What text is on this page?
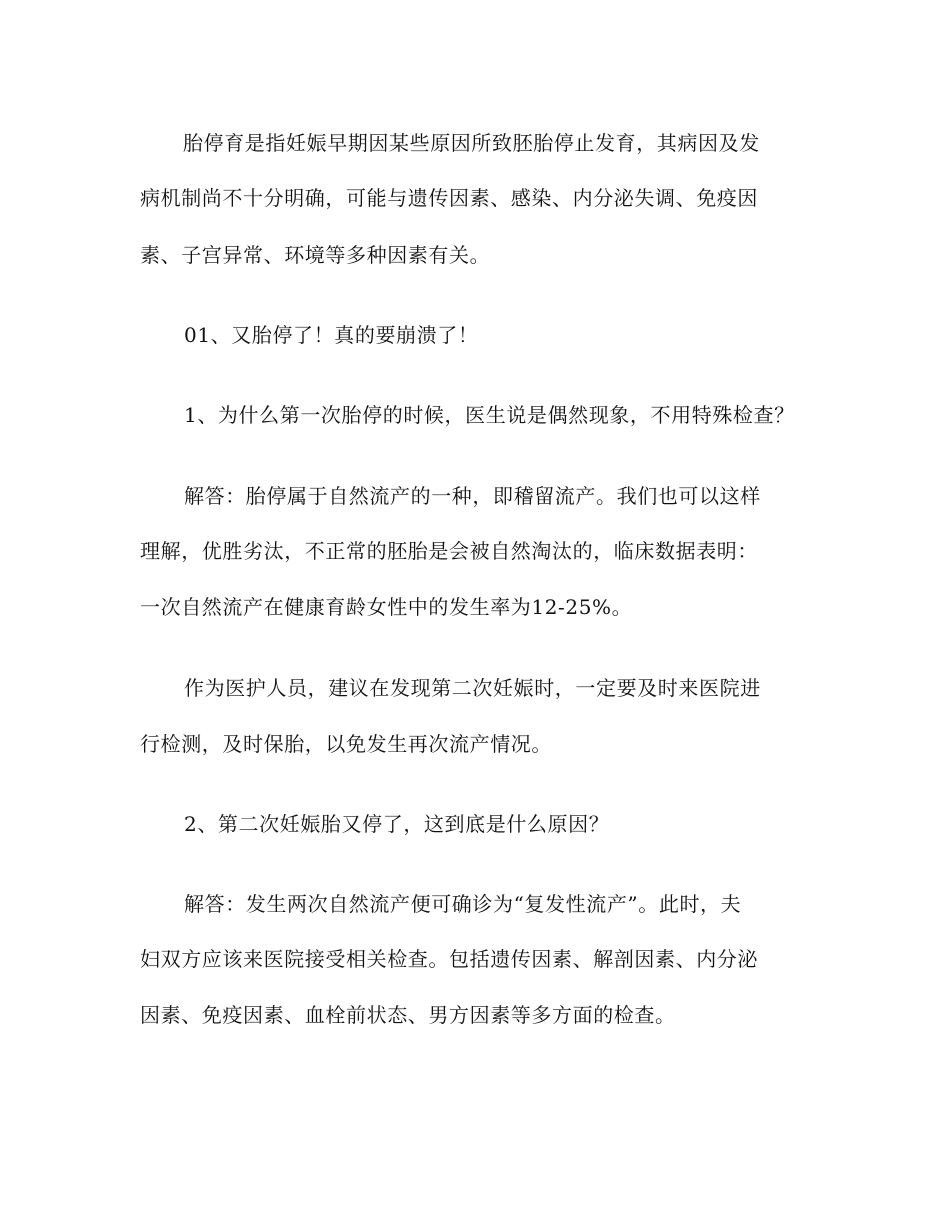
胎停育是指妊娠早期因某些原因所致胚胎停止发育，其病因及发

病机制尚不十分明确，可能与遗传因素、感染、内分泌失调、免疫因

素、子宫异常、环境等多种因素有关。

01、又胎停了！真的要崩溃了！

1、为什么第一次胎停的时候，医生说是偶然现象，不用特殊检查？

解答：胎停属于自然流产的一种，即稽留流产。我们也可以这样

理解，优胜劣汰，不正常的胚胎是会被自然淘汰的，临床数据表明：

一次自然流产在健康育龄女性中的发生率为12-25%。

作为医护人员，建议在发现第二次妊娠时，一定要及时来医院进

行检测，及时保胎，以免发生再次流产情况。

2、第二次妊娠胎又停了，这到底是什么原因？

解答：发生两次自然流产便可确诊为“复发性流产”。此时，夫

妇双方应该来医院接受相关检查。包括遗传因素、解剖因素、内分泌

因素、免疫因素、血栓前状态、男方因素等多方面的检查。
